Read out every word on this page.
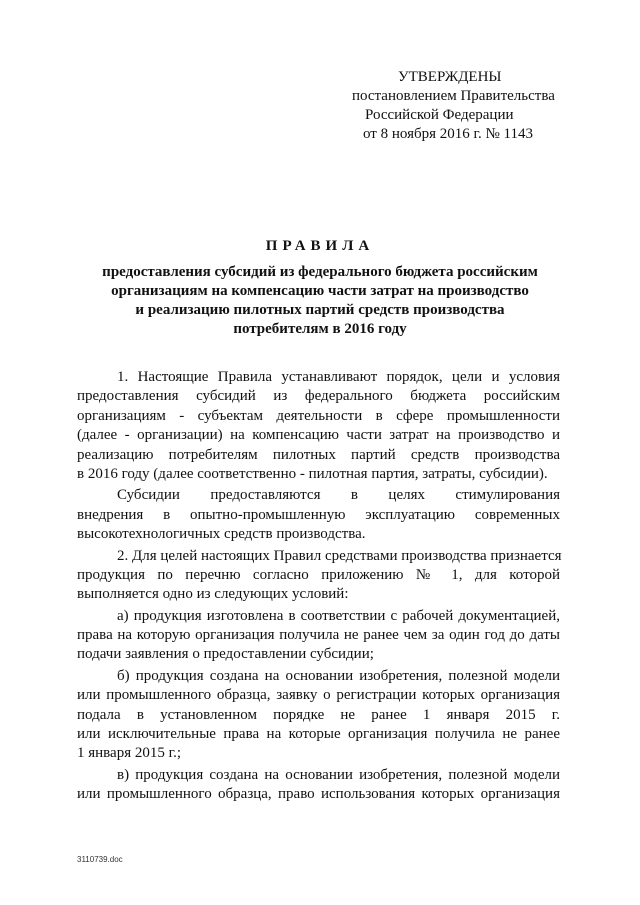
УТВЕРЖДЕНЫ
постановлением Правительства
Российской Федерации
от 8 ноября 2016 г. № 1143
ПРАВИЛА
предоставления субсидий из федерального бюджета российским
организациям на компенсацию части затрат на производство
и реализацию пилотных партий средств производства
потребителям в 2016 году
1. Настоящие Правила устанавливают порядок, цели и условия
предоставления субсидий из федерального бюджета российским
организациям - субъектам деятельности в сфере промышленности
(далее - организации) на компенсацию части затрат на производство и
реализацию потребителям пилотных партий средств производства
в 2016 году (далее соответственно - пилотная партия, затраты, субсидии).
Субсидии предоставляются в целях стимулирования
внедрения в опытно-промышленную эксплуатацию современных
высокотехнологичных средств производства.
2. Для целей настоящих Правил средствами производства признается
продукция по перечню согласно приложению № 1, для которой
выполняется одно из следующих условий:
а) продукция изготовлена в соответствии с рабочей документацией,
права на которую организация получила не ранее чем за один год до даты
подачи заявления о предоставлении субсидии;
б) продукция создана на основании изобретения, полезной модели
или промышленного образца, заявку о регистрации которых организация
подала в установленном порядке не ранее 1 января 2015 г.
или исключительные права на которые организация получила не ранее
1 января 2015 г.;
в) продукция создана на основании изобретения, полезной модели
или промышленного образца, право использования которых организация
3110739.doc
